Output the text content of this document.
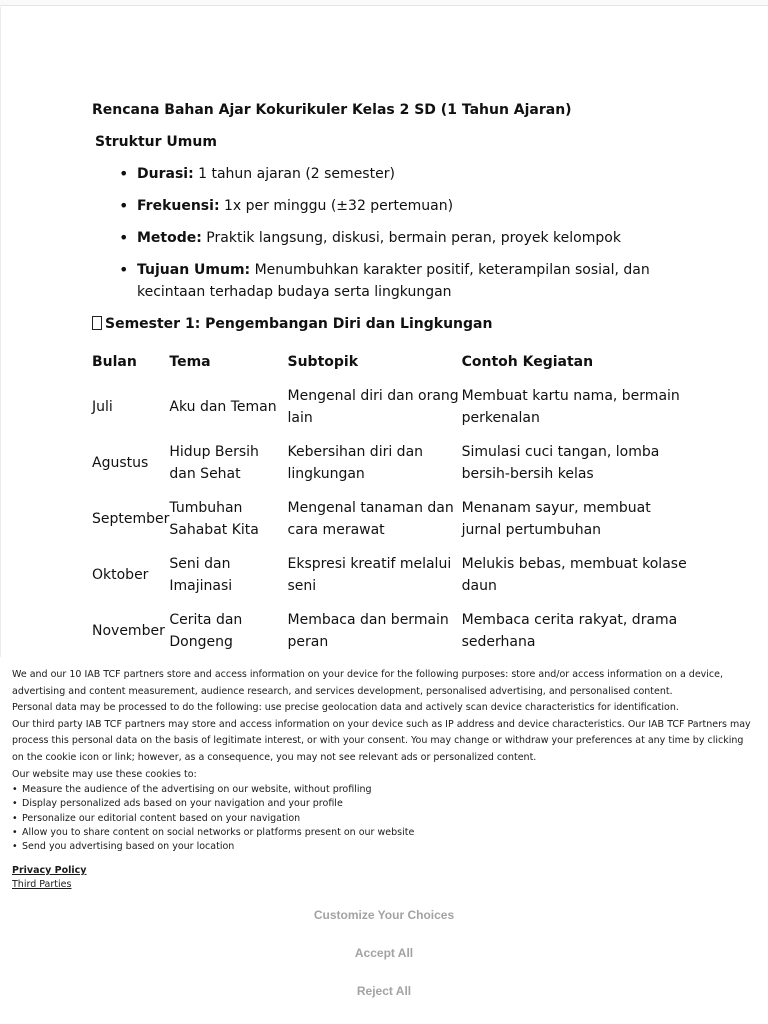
Rencana Bahan Ajar Kokurikuler Kelas 2 SD (1 Tahun Ajaran)
Struktur Umum
• Durasi: 1 tahun ajaran (2 semester)
• Frekuensi: 1x per minggu (±32 pertemuan)
• Metode: Praktik langsung, diskusi, bermain peran, proyek kelompok
• Tujuan Umum: Menumbuhkan karakter positif, keterampilan sosial, dan kecintaan terhadap budaya serta lingkungan
Semester 1: Pengembangan Diri dan Lingkungan
Bulan	Tema	Subtopik	Contoh Kegiatan
Juli	Aku dan Teman	Mengenal diri dan orang lain	Membuat kartu nama, bermain perkenalan
Agustus	Hidup Bersih dan Sehat	Kebersihan diri dan lingkungan	Simulasi cuci tangan, lomba bersih-bersih kelas
September	Tumbuhan Sahabat Kita	Mengenal tanaman dan cara merawat	Menanam sayur, membuat jurnal pertumbuhan
Oktober	Seni dan Imajinasi	Ekspresi kreatif melalui seni	Melukis bebas, membuat kolase daun
November	Cerita dan Dongeng	Membaca dan bermain peran	Membaca cerita rakyat, drama sederhana

We and our 10 IAB TCF partners store and access information on your device for the following purposes: store and/or access information on a device, advertising and content measurement, audience research, and services development, personalised advertising, and personalised content.

Personal data may be processed to do the following: use precise geolocation data and actively scan device characteristics for identification.

Our third party IAB TCF partners may store and access information on your device such as IP address and device characteristics. Our IAB TCF Partners may process this personal data on the basis of legitimate interest, or with your consent. You may change or withdraw your preferences at any time by clicking on the cookie icon or link; however, as a consequence, you may not see relevant ads or personalized content.

Our website may use these cookies to:

• Measure the audience of the advertising on our website, without profiling
• Display personalized ads based on your navigation and your profile
• Personalize our editorial content based on your navigation
• Allow you to share content on social networks or platforms present on our website
• Send you advertising based on your location
Privacy Policy
Third Parties
Customize Your Choices
Accept All
Reject All
